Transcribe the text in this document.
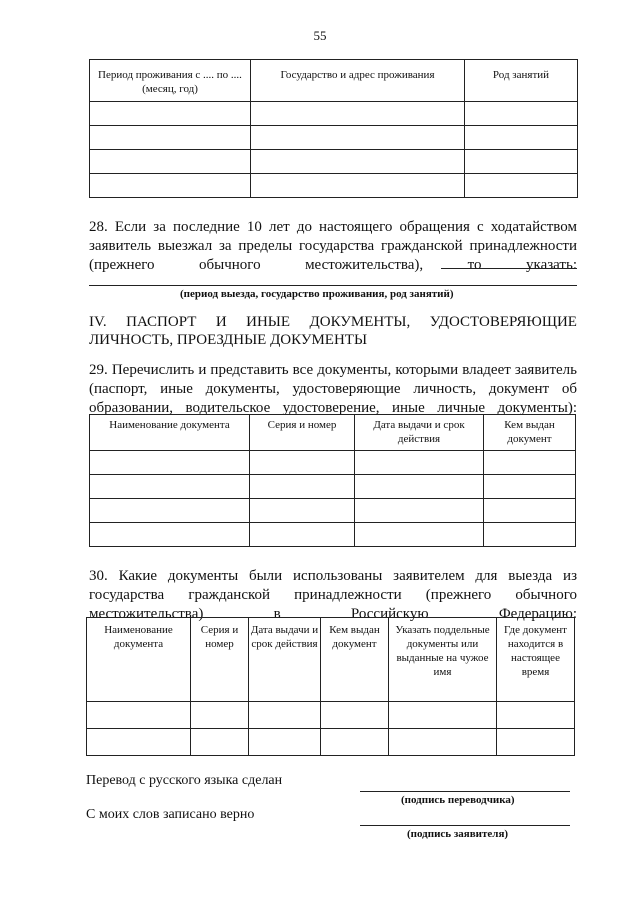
55
Период проживания с .... по .... (месяц, год)	Государство и адрес проживания	Род занятий

28. Если за последние 10 лет до настоящего обращения с ходатайством заявитель выезжал за пределы государства гражданской принадлежности (прежнего обычного местожительства), то указать:
(период выезда, государство проживания, род занятий)
IV. ПАСПОРТ И ИНЫЕ ДОКУМЕНТЫ, УДОСТОВЕРЯЮЩИЕ
ЛИЧНОСТЬ, ПРОЕЗДНЫЕ ДОКУМЕНТЫ
29. Перечислить и представить все документы, которыми владеет заявитель (паспорт, иные документы, удостоверяющие личность, документ об образовании, водительское удостоверение, иные личные документы):
Наименование документа	Серия и номер	Дата выдачи и срок действия	Кем выдан документ

30. Какие документы были использованы заявителем для выезда из государства гражданской принадлежности (прежнего обычного местожительства) в Российскую Федерацию:
Наименование документа	Серия и номер	Дата выдачи и срок действия	Кем выдан документ	Указать поддельные документы или выданные на чужое имя	Где документ находится в настоящее время

Перевод с русского языка сделан
(подпись переводчика)
С моих слов записано верно
(подпись заявителя)
